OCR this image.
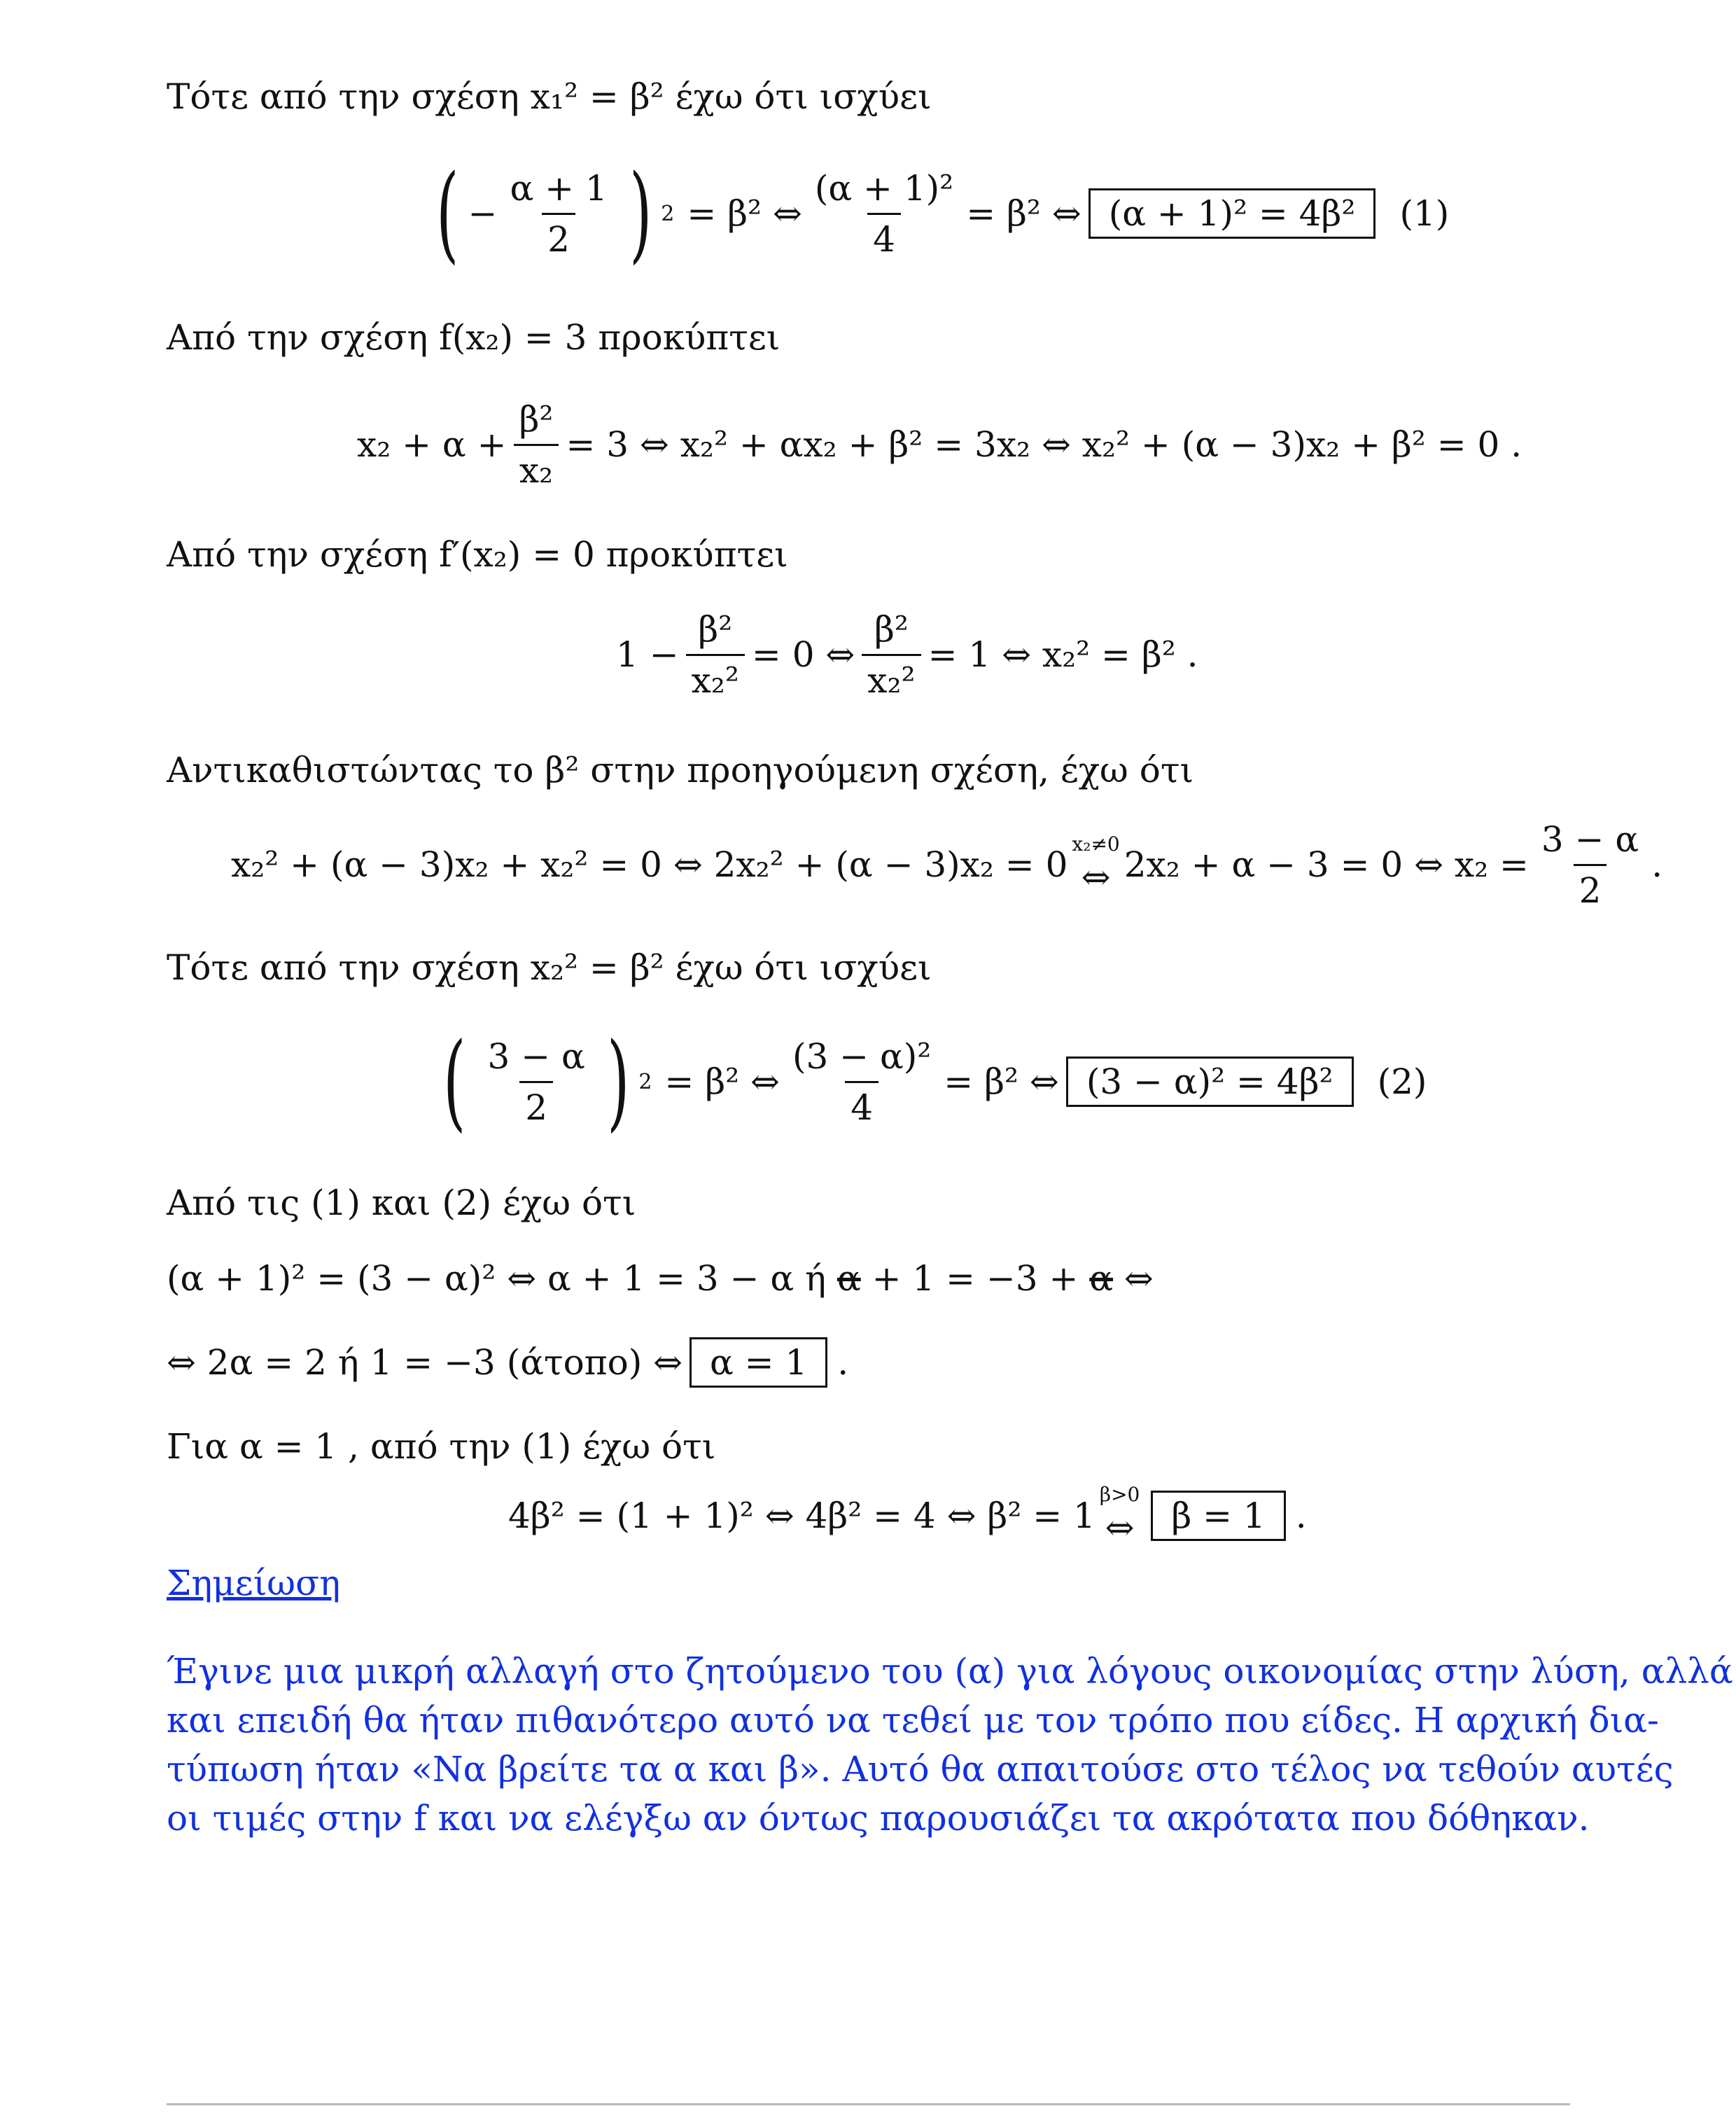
Τότε από την σχέση x₁² = β² έχω ότι ισχύει
( − $\frac{\alpha + 1}{2}$ ) 2 = β² ⇔ $\frac{\text{(α + 1)²}}{4} = \beta^2$ ⇔ (α + 1)² = 4β²	(1)
Από την σχέση f(x₂) = 3 προκύπτει
$x_2 + \alpha + \frac{\text{β²}}{\text{x₂}} = 3$ ⇔ x₂² + αx₂ + β² = 3x₂ ⇔ x₂² + (α − 3)x₂ + β² = 0 .
Από την σχέση f′(x₂) = 0 προκύπτει
$1 - \frac{\text{β²}}{\text{x₂²}} = 0$ ⇔ $\frac{\text{β²}}{\text{x₂²}} = 1$ ⇔ x₂² = β² .
Αντικαθιστώντας το β² στην προηγούμενη σχέση, έχω ότι
x₂² + (α − 3)x₂ + x₂² = 0 ⇔ 2x₂² + (α − 3)x₂ = 0
x₂≠0
⇔ 2x₂ + α − 3 = 0 ⇔ $x_2 = \frac{3 - \alpha}{2}$ .
Τότε από την σχέση x₂² = β² έχω ότι ισχύει
( $\frac{3 - \alpha}{2}$ ) 2 = β² ⇔ $\frac{\text{(3 − α)²}}{4} = \beta^2$ ⇔ (3 − α)² = 4β²	(2)
Από τις (1) και (2) έχω ότι
(α + 1)² = (3 − α)² ⇔ α + 1 = 3 − α ή α + 1 = −3 + α ⇔
⇔ 2α = 2 ή 1 = −3 (άτοπο) ⇔ α = 1 .
Για α = 1 , από την (1) έχω ότι
4β² = (1 + 1)² ⇔ 4β² = 4 ⇔ β² = 1
β>0
⇔	β = 1 .
Σημείωση
Έγινε μια μικρή αλλαγή στο ζητούμενο του (α) για λόγους οικονομίας στην λύση, αλλά
και επειδή θα ήταν πιθανότερο αυτό να τεθεί με τον τρόπο που είδες. Η αρχική δια-
τύπωση ήταν «Να βρείτε τα α και β». Αυτό θα απαιτούσε στο τέλος να τεθούν αυτές
οι τιμές στην f και να ελέγξω αν όντως παρουσιάζει τα ακρότατα που δόθηκαν.
